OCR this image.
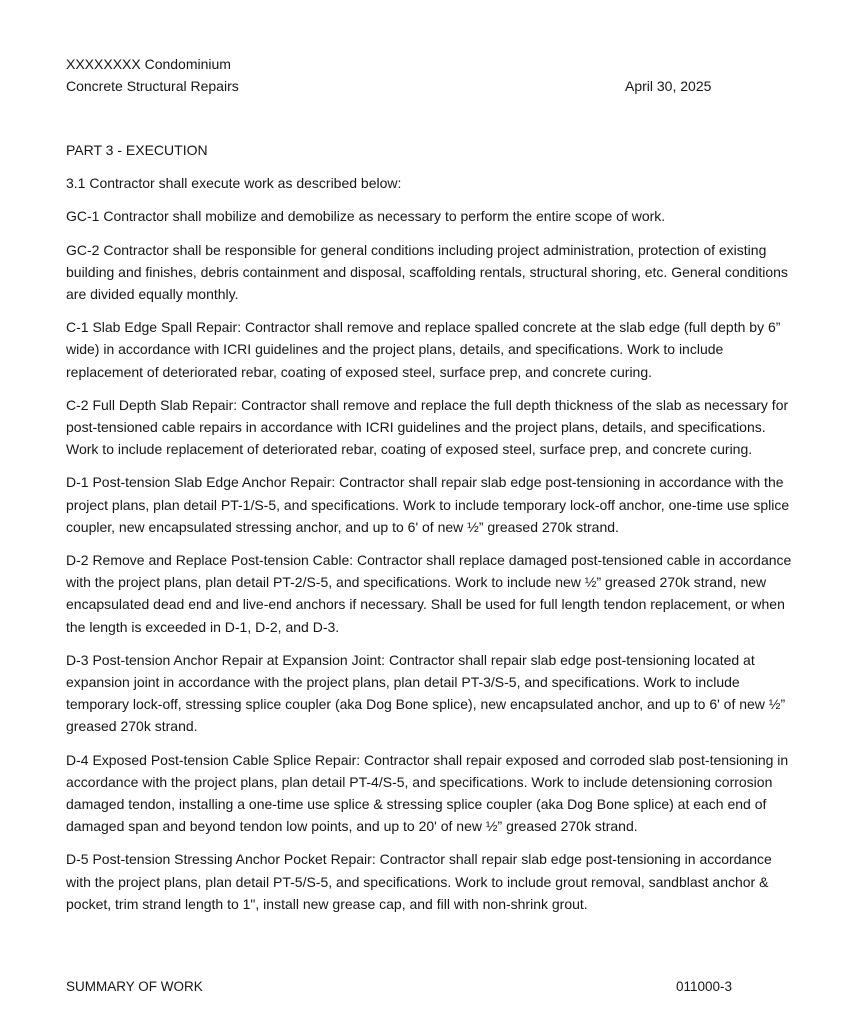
XXXXXXXX Condominium
Concrete Structural Repairs	April 30, 2025
PART 3 - EXECUTION
3.1 Contractor shall execute work as described below:
GC-1 Contractor shall mobilize and demobilize as necessary to perform the entire scope of work.
GC-2 Contractor shall be responsible for general conditions including project administration, protection of existing building and finishes, debris containment and disposal, scaffolding rentals, structural shoring, etc. General conditions are divided equally monthly.
C-1 Slab Edge Spall Repair: Contractor shall remove and replace spalled concrete at the slab edge (full depth by 6” wide) in accordance with ICRI guidelines and the project plans, details, and specifications. Work to include replacement of deteriorated rebar, coating of exposed steel, surface prep, and concrete curing.
C-2 Full Depth Slab Repair: Contractor shall remove and replace the full depth thickness of the slab as necessary for post-tensioned cable repairs in accordance with ICRI guidelines and the project plans, details, and specifications. Work to include replacement of deteriorated rebar, coating of exposed steel, surface prep, and concrete curing.
D-1 Post-tension Slab Edge Anchor Repair: Contractor shall repair slab edge post-tensioning in accordance with the project plans, plan detail PT-1/S-5, and specifications. Work to include temporary lock-off anchor, one-time use splice coupler, new encapsulated stressing anchor, and up to 6' of new ½” greased 270k strand.
D-2 Remove and Replace Post-tension Cable: Contractor shall replace damaged post-tensioned cable in accordance with the project plans, plan detail PT-2/S-5, and specifications. Work to include new ½” greased 270k strand, new encapsulated dead end and live-end anchors if necessary. Shall be used for full length tendon replacement, or when the length is exceeded in D-1, D-2, and D-3.
D-3 Post-tension Anchor Repair at Expansion Joint: Contractor shall repair slab edge post-tensioning located at expansion joint in accordance with the project plans, plan detail PT-3/S-5, and specifications. Work to include temporary lock-off, stressing splice coupler (aka Dog Bone splice), new encapsulated anchor, and up to 6' of new ½” greased 270k strand.
D-4 Exposed Post-tension Cable Splice Repair: Contractor shall repair exposed and corroded slab post-tensioning in accordance with the project plans, plan detail PT-4/S-5, and specifications. Work to include detensioning corrosion damaged tendon, installing a one-time use splice & stressing splice coupler (aka Dog Bone splice) at each end of damaged span and beyond tendon low points, and up to 20' of new ½” greased 270k strand.
D-5 Post-tension Stressing Anchor Pocket Repair: Contractor shall repair slab edge post-tensioning in accordance with the project plans, plan detail PT-5/S-5, and specifications. Work to include grout removal, sandblast anchor & pocket, trim strand length to 1", install new grease cap, and fill with non-shrink grout.
SUMMARY OF WORK	011000-3
